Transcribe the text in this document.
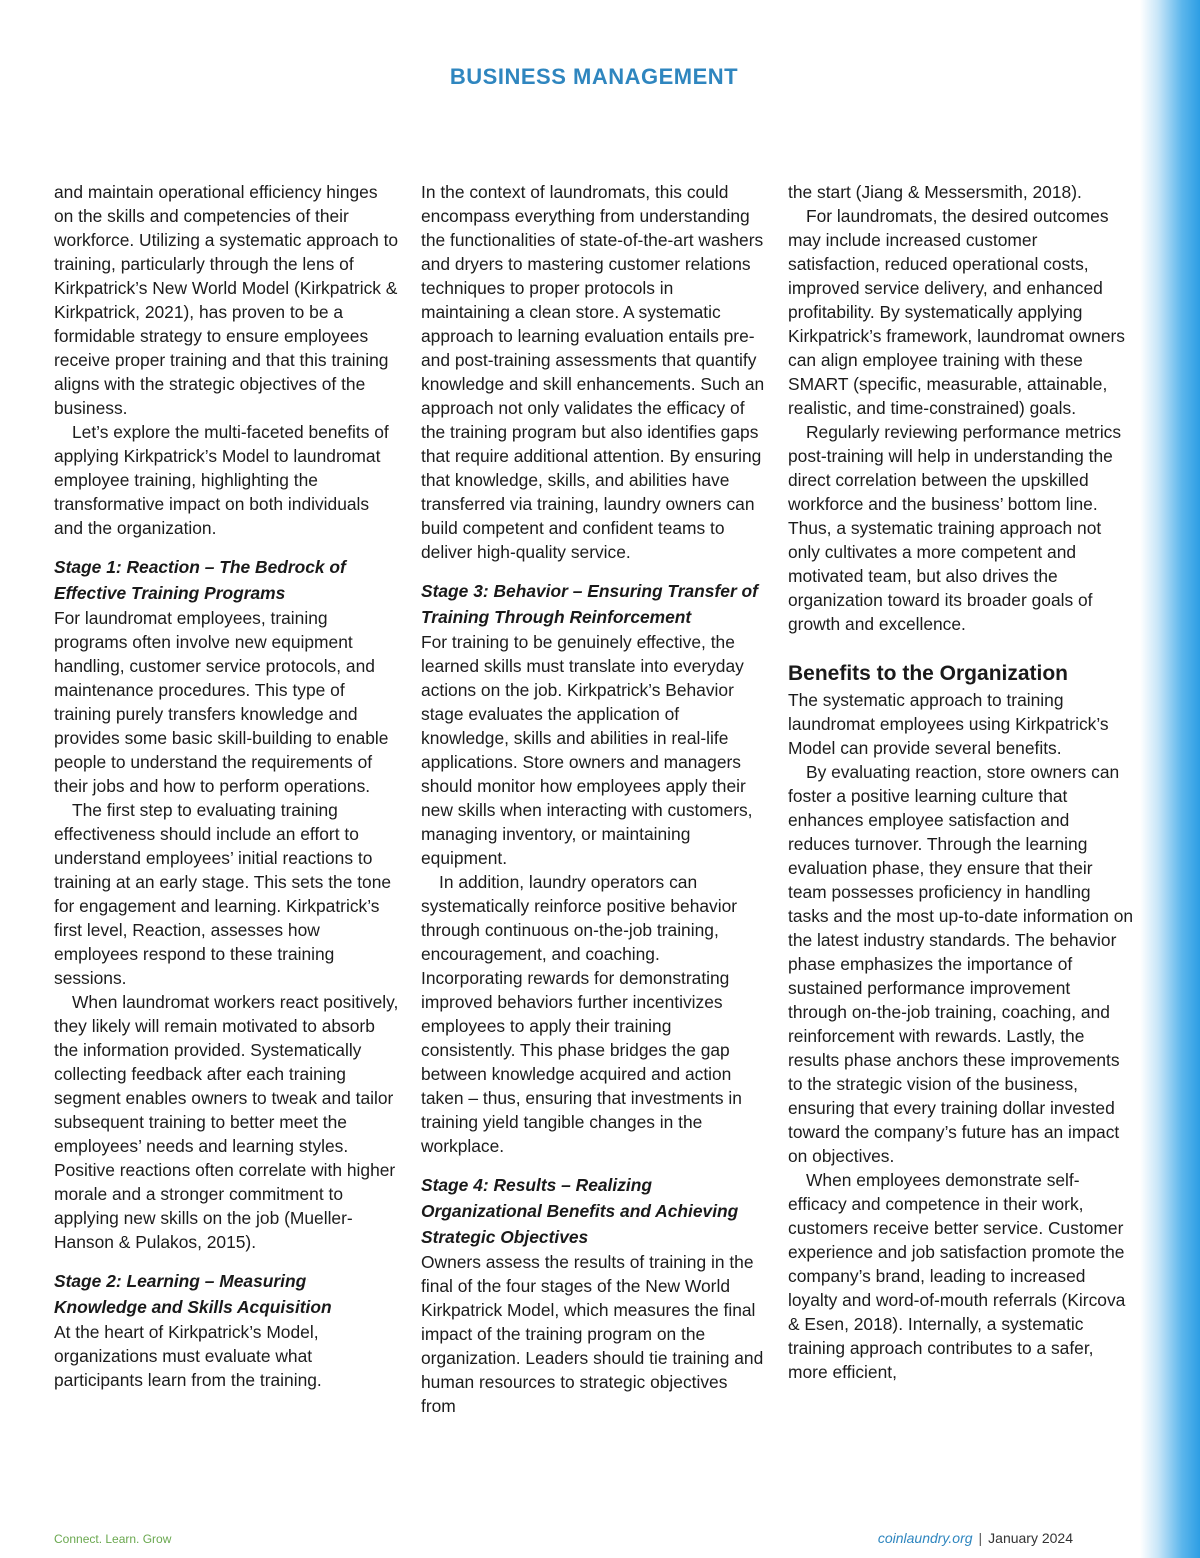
BUSINESS MANAGEMENT

and maintain operational efficiency hinges on the skills and competencies of their workforce. Utilizing a systematic approach to training, particularly through the lens of Kirkpatrick’s New World Model (Kirkpatrick & Kirkpatrick, 2021), has proven to be a formidable strategy to ensure employees receive proper training and that this training aligns with the strategic objectives of the business.

Let’s explore the multi-faceted benefits of applying Kirkpatrick’s Model to laundromat employee training, highlighting the transformative impact on both individuals and the organization.

Stage 1: Reaction – The Bedrock of Effective Training Programs

For laundromat employees, training programs often involve new equipment handling, customer service protocols, and maintenance procedures. This type of training purely transfers knowledge and provides some basic skill-building to enable people to understand the requirements of their jobs and how to perform operations.

The first step to evaluating training effectiveness should include an effort to understand employees’ initial reactions to training at an early stage. This sets the tone for engagement and learning. Kirkpatrick’s first level, Reaction, assesses how employees respond to these training sessions.

When laundromat workers react positively, they likely will remain motivated to absorb the information provided. Systematically collecting feedback after each training segment enables owners to tweak and tailor subsequent training to better meet the employees’ needs and learning styles. Positive reactions often correlate with higher morale and a stronger commitment to applying new skills on the job (Mueller-Hanson & Pulakos, 2015).

Stage 2: Learning – Measuring Knowledge and Skills Acquisition

At the heart of Kirkpatrick’s Model, organizations must evaluate what participants learn from the training.

In the context of laundromats, this could encompass everything from understanding the functionalities of state-of-the-art washers and dryers to mastering customer relations techniques to proper protocols in maintaining a clean store. A systematic approach to learning evaluation entails pre- and post-training assessments that quantify knowledge and skill enhancements. Such an approach not only validates the efficacy of the training program but also identifies gaps that require additional attention. By ensuring that knowledge, skills, and abilities have transferred via training, laundry owners can build competent and confident teams to deliver high-quality service.

Stage 3: Behavior – Ensuring Transfer of Training Through Reinforcement

For training to be genuinely effective, the learned skills must translate into everyday actions on the job. Kirkpatrick’s Behavior stage evaluates the application of knowledge, skills and abilities in real-life applications. Store owners and managers should monitor how employees apply their new skills when interacting with customers, managing inventory, or maintaining equipment.

In addition, laundry operators can systematically reinforce positive behavior through continuous on-the-job training, encouragement, and coaching. Incorporating rewards for demonstrating improved behaviors further incentivizes employees to apply their training consistently. This phase bridges the gap between knowledge acquired and action taken – thus, ensuring that investments in training yield tangible changes in the workplace.

Stage 4: Results – Realizing Organizational Benefits and Achieving Strategic Objectives

Owners assess the results of training in the final of the four stages of the New World Kirkpatrick Model, which measures the final impact of the training program on the organization. Leaders should tie training and human resources to strategic objectives from

the start (Jiang & Messersmith, 2018).

For laundromats, the desired outcomes may include increased customer satisfaction, reduced operational costs, improved service delivery, and enhanced profitability. By systematically applying Kirkpatrick’s framework, laundromat owners can align employee training with these SMART (specific, measurable, attainable, realistic, and time-constrained) goals.

Regularly reviewing performance metrics post-training will help in understanding the direct correlation between the upskilled workforce and the business’ bottom line. Thus, a systematic training approach not only cultivates a more competent and motivated team, but also drives the organization toward its broader goals of growth and excellence.

Benefits to the Organization

The systematic approach to training laundromat employees using Kirkpatrick’s Model can provide several benefits.

By evaluating reaction, store owners can foster a positive learning culture that enhances employee satisfaction and reduces turnover. Through the learning evaluation phase, they ensure that their team possesses proficiency in handling tasks and the most up-to-date information on the latest industry standards. The behavior phase emphasizes the importance of sustained performance improvement through on-the-job training, coaching, and reinforcement with rewards. Lastly, the results phase anchors these improvements to the strategic vision of the business, ensuring that every training dollar invested toward the company’s future has an impact on objectives.

When employees demonstrate self-efficacy and competence in their work, customers receive better service. Customer experience and job satisfaction promote the company’s brand, leading to increased loyalty and word-of-mouth referrals (Kircova & Esen, 2018). Internally, a systematic training approach contributes to a safer, more efficient,

Connect. Learn. Grow	coinlaundry.org | January 2024
